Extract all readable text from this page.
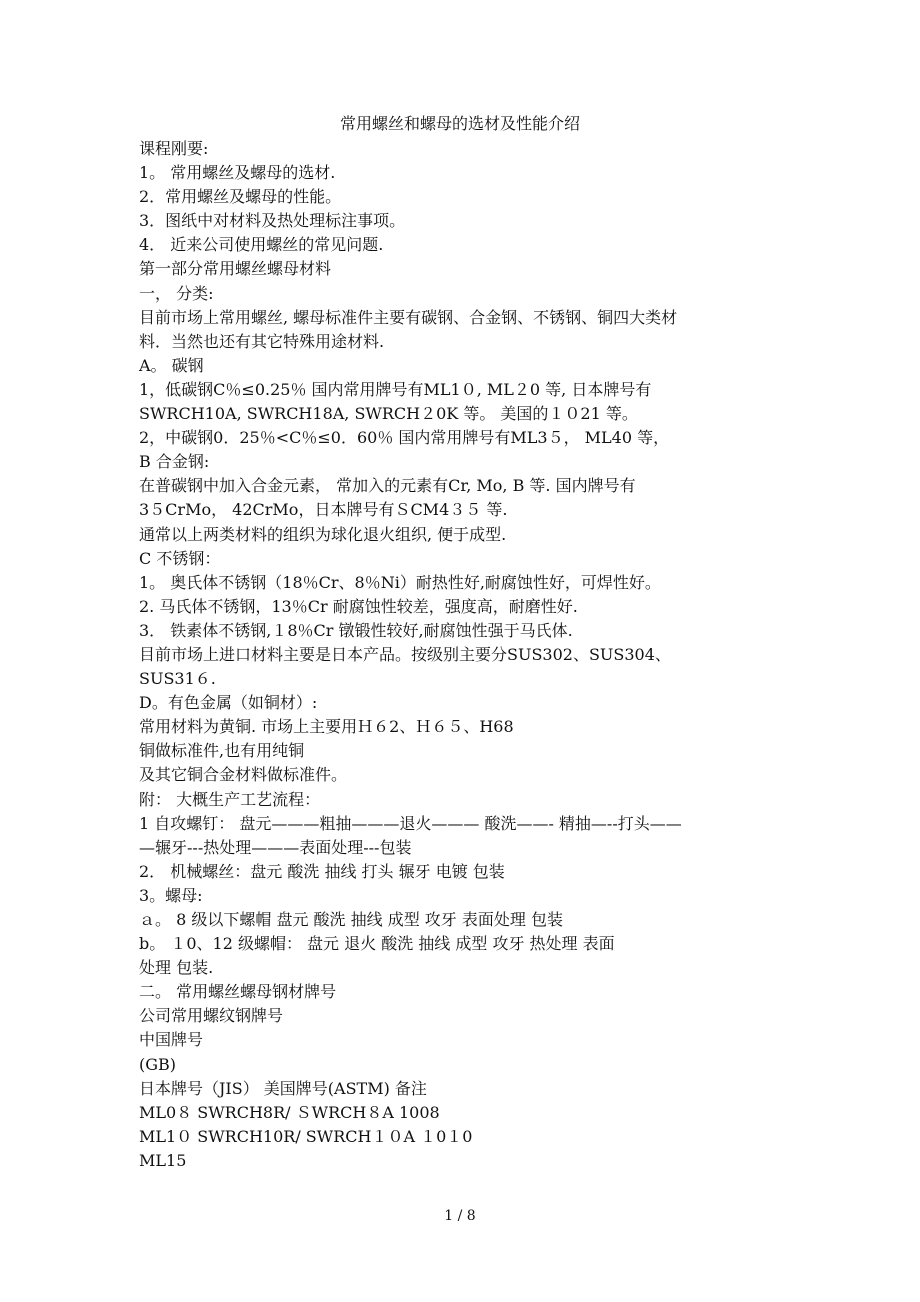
常用螺丝和螺母的选材及性能介绍
课程刚要:
1。 常用螺丝及螺母的选材.
2．常用螺丝及螺母的性能。
3．图纸中对材料及热处理标注事项。
4． 近来公司使用螺丝的常见问题.
第一部分常用螺丝螺母材料
一， 分类:
目前市场上常用螺丝, 螺母标准件主要有碳钢、合金钢、不锈钢、铜四大类材
料．当然也还有其它特殊用途材料.
A。 碳钢
1，低碳钢C％≤0.25％ 国内常用牌号有ML1０, ML２0 等, 日本牌号有
SWRCH10A, SWRCH18A, SWRCH２0K 等。 美国的１０21 等。
2，中碳钢0．25％<C％≤0．60％ 国内常用牌号有ML3５， ML40 等，
B 合金钢:
在普碳钢中加入合金元素， 常加入的元素有Cr, Mo, B 等. 国内牌号有
3５CrMo， 42CrMo，日本牌号有ＳCM4３５ 等.
通常以上两类材料的组织为球化退火组织, 便于成型.
C 不锈钢：
1。 奥氏体不锈钢（18％Cr、8％Ni）耐热性好,耐腐蚀性好，可焊性好。
2. 马氏体不锈钢，13％Cr 耐腐蚀性较差，强度高，耐磨性好.
3． 铁素体不锈钢,１8％Cr 镦锻性较好,耐腐蚀性强于马氏体.
目前市场上进口材料主要是日本产品。按级别主要分SUS302、SUS304、
SUS31６.
D。有色金属（如铜材）:
常用材料为黄铜. 市场上主要用Ｈ６2、Ｈ６５、H68
铜做标准件,也有用纯铜
及其它铜合金材料做标准件。
附： 大概生产工艺流程：
1 自攻螺钉： 盘元———粗抽———退火——— 酸洗——- 精抽—--打头——
—辗牙---热处理———表面处理---包装
2． 机械螺丝：盘元 酸洗 抽线 打头 辗牙 电镀 包装
3。螺母:
ａ。 8 级以下螺帽 盘元 酸洗 抽线 成型 攻牙 表面处理 包装
b。 １0、12 级螺帽： 盘元 退火 酸洗 抽线 成型 攻牙 热处理 表面
处理 包装.
二。 常用螺丝螺母钢材牌号
公司常用螺纹钢牌号
中国牌号
(GB)
日本牌号（JIS） 美国牌号(ASTM) 备注
ML0８ SWRCH8R/ ＳWRCH８A 1008
ML1０ SWRCH10R/ SWRCH１０A １0１0
ML15
1 / 8
